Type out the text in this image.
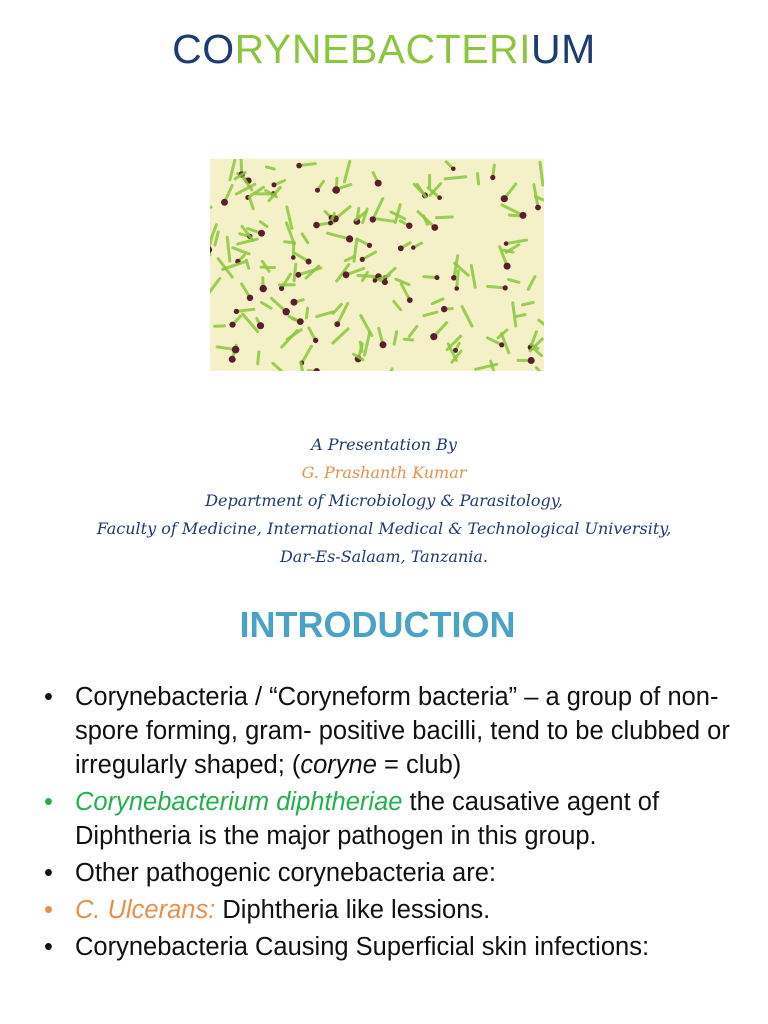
CORYNEBACTERIUM
A Presentation By
G. Prashanth Kumar
Department of Microbiology & Parasitology,
Faculty of Medicine, International Medical & Technological University,
Dar-Es-Salaam, Tanzania.
INTRODUCTION
• Corynebacteria / “Coryneform bacteria” – a group of non-spore forming, gram- positive bacilli, tend to be clubbed or irregularly shaped; (coryne = club)
• Corynebacterium diphtheriae the causative agent of Diphtheria is the major pathogen in this group.
• Other pathogenic corynebacteria are:
• C. Ulcerans: Diphtheria like lessions.
• Corynebacteria Causing Superficial skin infections:
